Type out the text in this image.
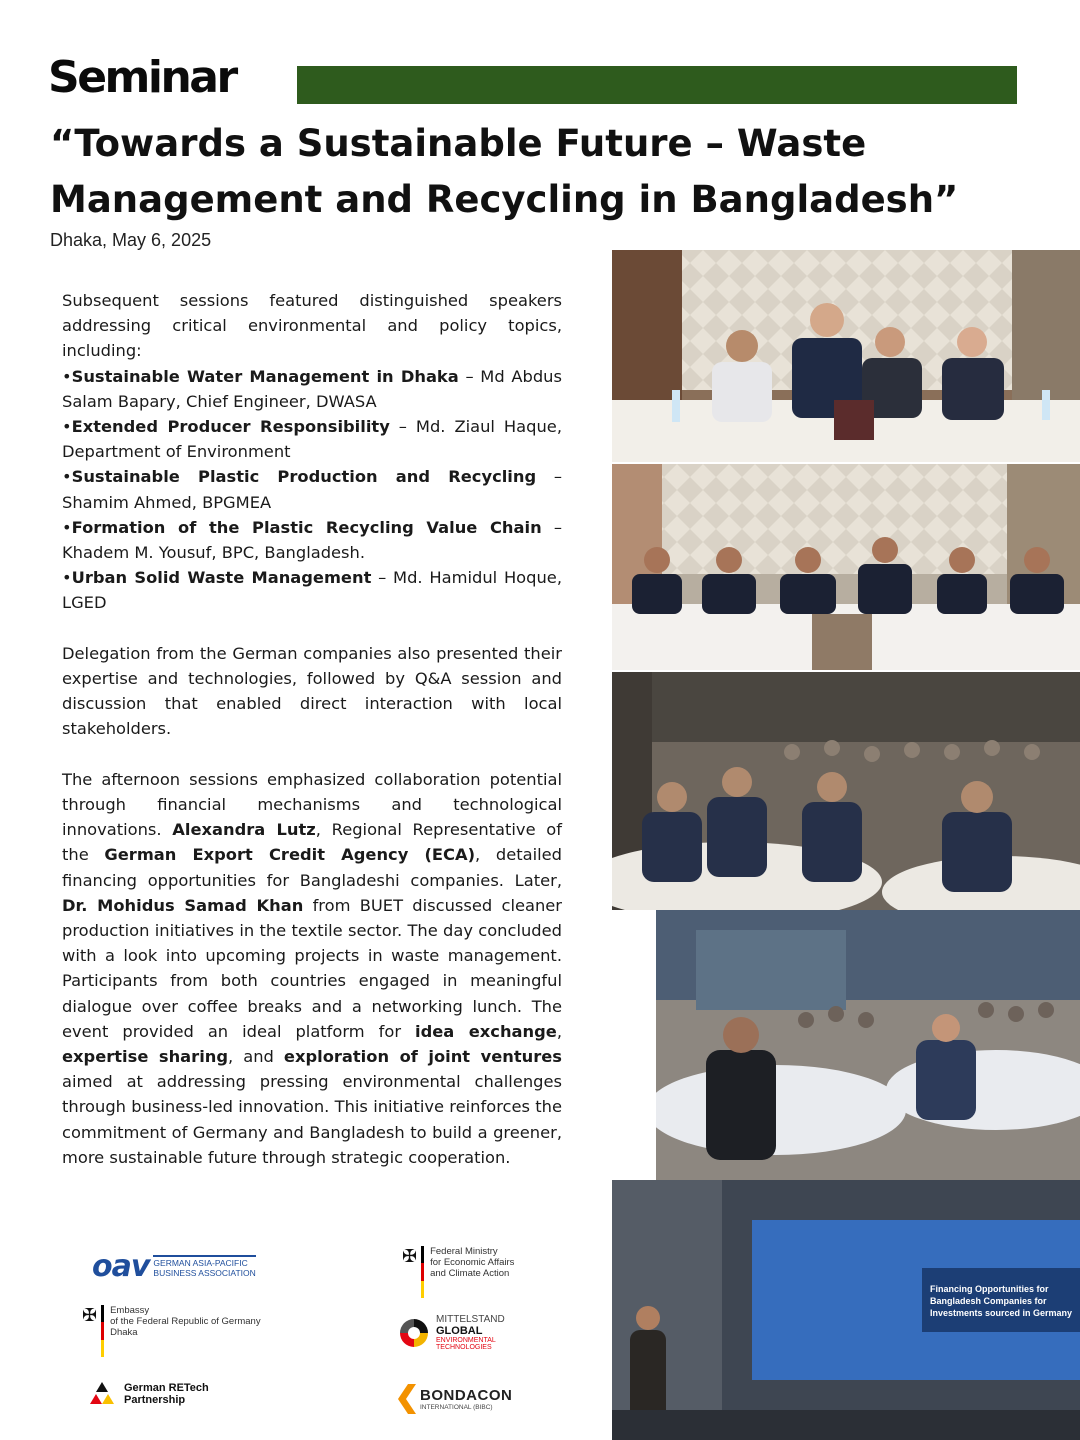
Seminar
“Towards a Sustainable Future – Waste Management and Recycling in Bangladesh”
Dhaka, May 6, 2025

Subsequent sessions featured distinguished speakers addressing critical environmental and policy topics, including:

•Sustainable Water Management in Dhaka – Md Abdus Salam Bapary, Chief Engineer, DWASA

•Extended Producer Responsibility – Md. Ziaul Haque, Department of Environment

•Sustainable Plastic Production and Recycling – Shamim Ahmed, BPGMEA

•Formation of the Plastic Recycling Value Chain – Khadem M. Yousuf, BPC, Bangladesh.

•Urban Solid Waste Management – Md. Hamidul Hoque, LGED

Delegation from the German companies also presented their expertise and technologies, followed by Q&A session and discussion that enabled direct interaction with local stakeholders.

The afternoon sessions emphasized collaboration potential through financial mechanisms and technological innovations. Alexandra Lutz, Regional Representative of the German Export Credit Agency (ECA), detailed financing opportunities for Bangladeshi companies. Later, Dr. Mohidus Samad Khan from BUET discussed cleaner production initiatives in the textile sector. The day concluded with a look into upcoming projects in waste management. Participants from both countries engaged in meaningful dialogue over coffee breaks and a networking lunch. The event provided an ideal platform for idea exchange, expertise sharing, and exploration of joint ventures aimed at addressing pressing environmental challenges through business-led innovation. This initiative reinforces the commitment of Germany and Bangladesh to build a greener, more sustainable future through strategic cooperation.

Financing Opportunities for
Bangladesh Companies for
Investments sourced in Germany
oav GERMAN ASIA-PACIFIC
BUSINESS ASSOCIATION
✠ Embassy
of the Federal Republic of Germany
Dhaka
German RETech
Partnership
✠ Federal Ministry
for Economic Affairs
and Climate Action
MITTELSTAND
GLOBAL
ENVIRONMENTAL
TECHNOLOGIES
BONDACON
INTERNATIONAL (BIBC)
